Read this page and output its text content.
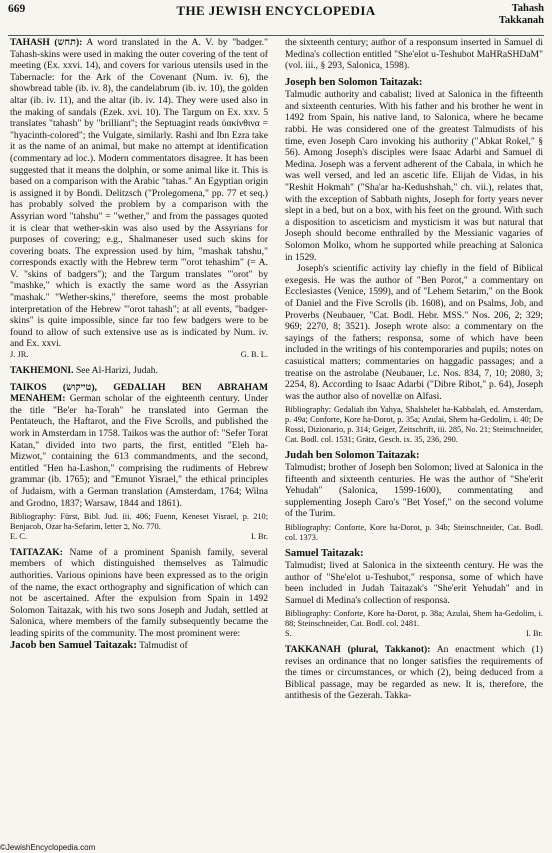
669	THE JEWISH ENCYCLOPEDIA	Tahash
Takkanah

TAHASH (תחש): A word translated in the A. V. by "badger." Tahash-skins were used in making the outer covering of the tent of meeting (Ex. xxvi. 14), and covers for various utensils used in the Tabernacle: for the Ark of the Covenant (Num. iv. 6), the showbread table (ib. iv. 8), the candelabrum (ib. iv. 10), the golden altar (ib. iv. 11), and the altar (ib. iv. 14). They were used also in the making of sandals (Ezek. xvi. 10). The Targum on Ex. xxv. 5 translates "tahash" by "brilliant"; the Septuagint reads ὑακίνθινα = "hyacinth-colored"; the Vulgate, similarly. Rashi and Ibn Ezra take it as the name of an animal, but make no attempt at identification (commentary ad loc.). Modern commentators disagree. It has been suggested that it means the dolphin, or some animal like it. This is based on a comparison with the Arabic "tahas." An Egyptian origin is assigned it by Bondi. Delitzsch ("Prolegomena," pp. 77 et seq.) has probably solved the problem by a comparison with the Assyrian word "tahshu" = "wether," and from the passages quoted it is clear that wether-skin was also used by the Assyrians for purposes of covering; e.g., Shalmaneser used such skins for covering boats. The expression used by him, "mashak tahshu," corresponds exactly with the Hebrew term "'orot tehashim" (= A. V. "skins of badgers"); and the Targum translates "'orot" by "mashke," which is exactly the same word as the Assyrian "mashak." "Wether-skins," therefore, seems the most probable interpretation of the Hebrew "'orot tahash"; at all events, "badger-skins" is quite impossible, since far too few badgers were to be found to allow of such extensive use as is indicated by Num. iv. and Ex. xxvi.

J. JR.	G. B. L.

TAKHEMONI. See Al-Harizi, Judah.

TAIKOS (טייקוש), GEDALIAH BEN ABRAHAM MENAHEM: German scholar of the eighteenth century. Under the title "Be'er ha-Torah" he translated into German the Pentateuch, the Haftarot, and the Five Scrolls, and published the work in Amsterdam in 1758. Taikos was the author of: "Sefer Torat Katan," divided into two parts, the first, entitled "Eleh ha-Mizwot," containing the 613 commandments, and the second, entitled "Hen ha-Lashon," comprising the rudiments of Hebrew grammar (ib. 1765); and "Emunot Yisrael," the ethical principles of Judaism, with a German translation (Amsterdam, 1764; Wilna and Grodno, 1837; Warsaw, 1844 and 1861).

Bibliography: Fürst, Bibl. Jud. iii. 406; Fuenn, Keneset Yisrael, p. 210; Benjacob, Ozar ha-Sefarim, letter ב, No. 770.

E. C.	I. Br.

TAITAZAK: Name of a prominent Spanish family, several members of which distinguished themselves as Talmudic authorities. Various opinions have been expressed as to the origin of the name, the exact orthography and signification of which can not be ascertained. After the expulsion from Spain in 1492 Solomon Taitazak, with his two sons Joseph and Judah, settled at Salonica, where members of the family subsequently became the leading spirits of the community. The most prominent were:

Jacob ben Samuel Taitazak: Talmudist of

the sixteenth century; author of a responsum inserted in Samuel di Medina's collection entitled "She'elot u-Teshubot MaHRaSHDaM" (vol. iii., § 293, Salonica, 1598).

Joseph ben Solomon Taitazak:

Talmudic authority and cabalist; lived at Salonica in the fifteenth and sixteenth centuries. With his father and his brother he went in 1492 from Spain, his native land, to Salonica, where he became rabbi. He was considered one of the greatest Talmudists of his time, even Joseph Caro invoking his authority ("Abkat Rokel," § 56). Among Joseph's disciples were Isaac Adarbi and Samuel di Medina. Joseph was a fervent adherent of the Cabala, in which he was well versed, and led an ascetic life. Elijah de Vidas, in his "Reshit Hokmah" ("Sha'ar ha-Kedushshah," ch. vii.), relates that, with the exception of Sabbath nights, Joseph for forty years never slept in a bed, but on a box, with his feet on the ground. With such a disposition to asceticism and mysticism it was but natural that Joseph should become enthralled by the Messianic vagaries of Solomon Molko, whom he supported while preaching at Salonica in 1529.

Joseph's scientific activity lay chiefly in the field of Biblical exegesis. He was the author of "Ben Porot," a commentary on Ecclesiastes (Venice, 1599), and of "Lehem Setarim," on the Book of Daniel and the Five Scrolls (ib. 1608), and on Psalms, Job, and Proverbs (Neubauer, "Cat. Bodl. Hebr. MSS." Nos. 206, 2; 329; 969; 2270, 8; 3521). Joseph wrote also: a commentary on the sayings of the fathers; responsa, some of which have been included in the writings of his contemporaries and pupils; notes on casuistical matters; commentaries on haggadic passages; and a treatise on the astrolabe (Neubauer, l.c. Nos. 834, 7, 10; 2080, 3; 2254, 8). According to Isaac Adarbi ("Dibre Ribot," p. 64), Joseph was the author also of novellæ on Alfasi.

Bibliography: Gedaliah ibn Yahya, Shalshelet ha-Kabbalah, ed. Amsterdam, p. 49a; Conforte, Kore ha-Dorot, p. 35a; Azulai, Shem ha-Gedolim, i. 40; De Rossi, Dizionario, p. 314; Geiger, Zeitschrift, iii. 285, No. 21; Steinschneider, Cat. Bodl. col. 1531; Grätz, Gesch. ix. 35, 236, 290.

Judah ben Solomon Taitazak:

Talmudist; brother of Joseph ben Solomon; lived at Salonica in the fifteenth and sixteenth centuries. He was the author of "She'erit Yehudah" (Salonica, 1599-1600), commentating and supplementing Joseph Caro's "Bet Yosef," on the second volume of the Turim.

Bibliography: Conforte, Kore ha-Dorot, p. 34b; Steinschneider, Cat. Bodl. col. 1373.

Samuel Taitazak:

Talmudist; lived at Salonica in the sixteenth century. He was the author of "She'elot u-Teshubot," responsa, some of which have been included in Judah Taitazak's "She'erit Yehudah" and in Samuel di Medina's collection of responsa.

Bibliography: Conforte, Kore ha-Dorot, p. 38a; Azulai, Shem ha-Gedolim, i. 88; Steinschneider, Cat. Bodl. col. 2481.

S.	I. Br.

TAKKANAH (plural, Takkanot): An enactment which (1) revises an ordinance that no longer satisfies the requirements of the times or circumstances, or which (2), being deduced from a Biblical passage, may be regarded as new. It is, therefore, the antithesis of the Gezerah. Takka-

©JewishEncyclopedia.com
